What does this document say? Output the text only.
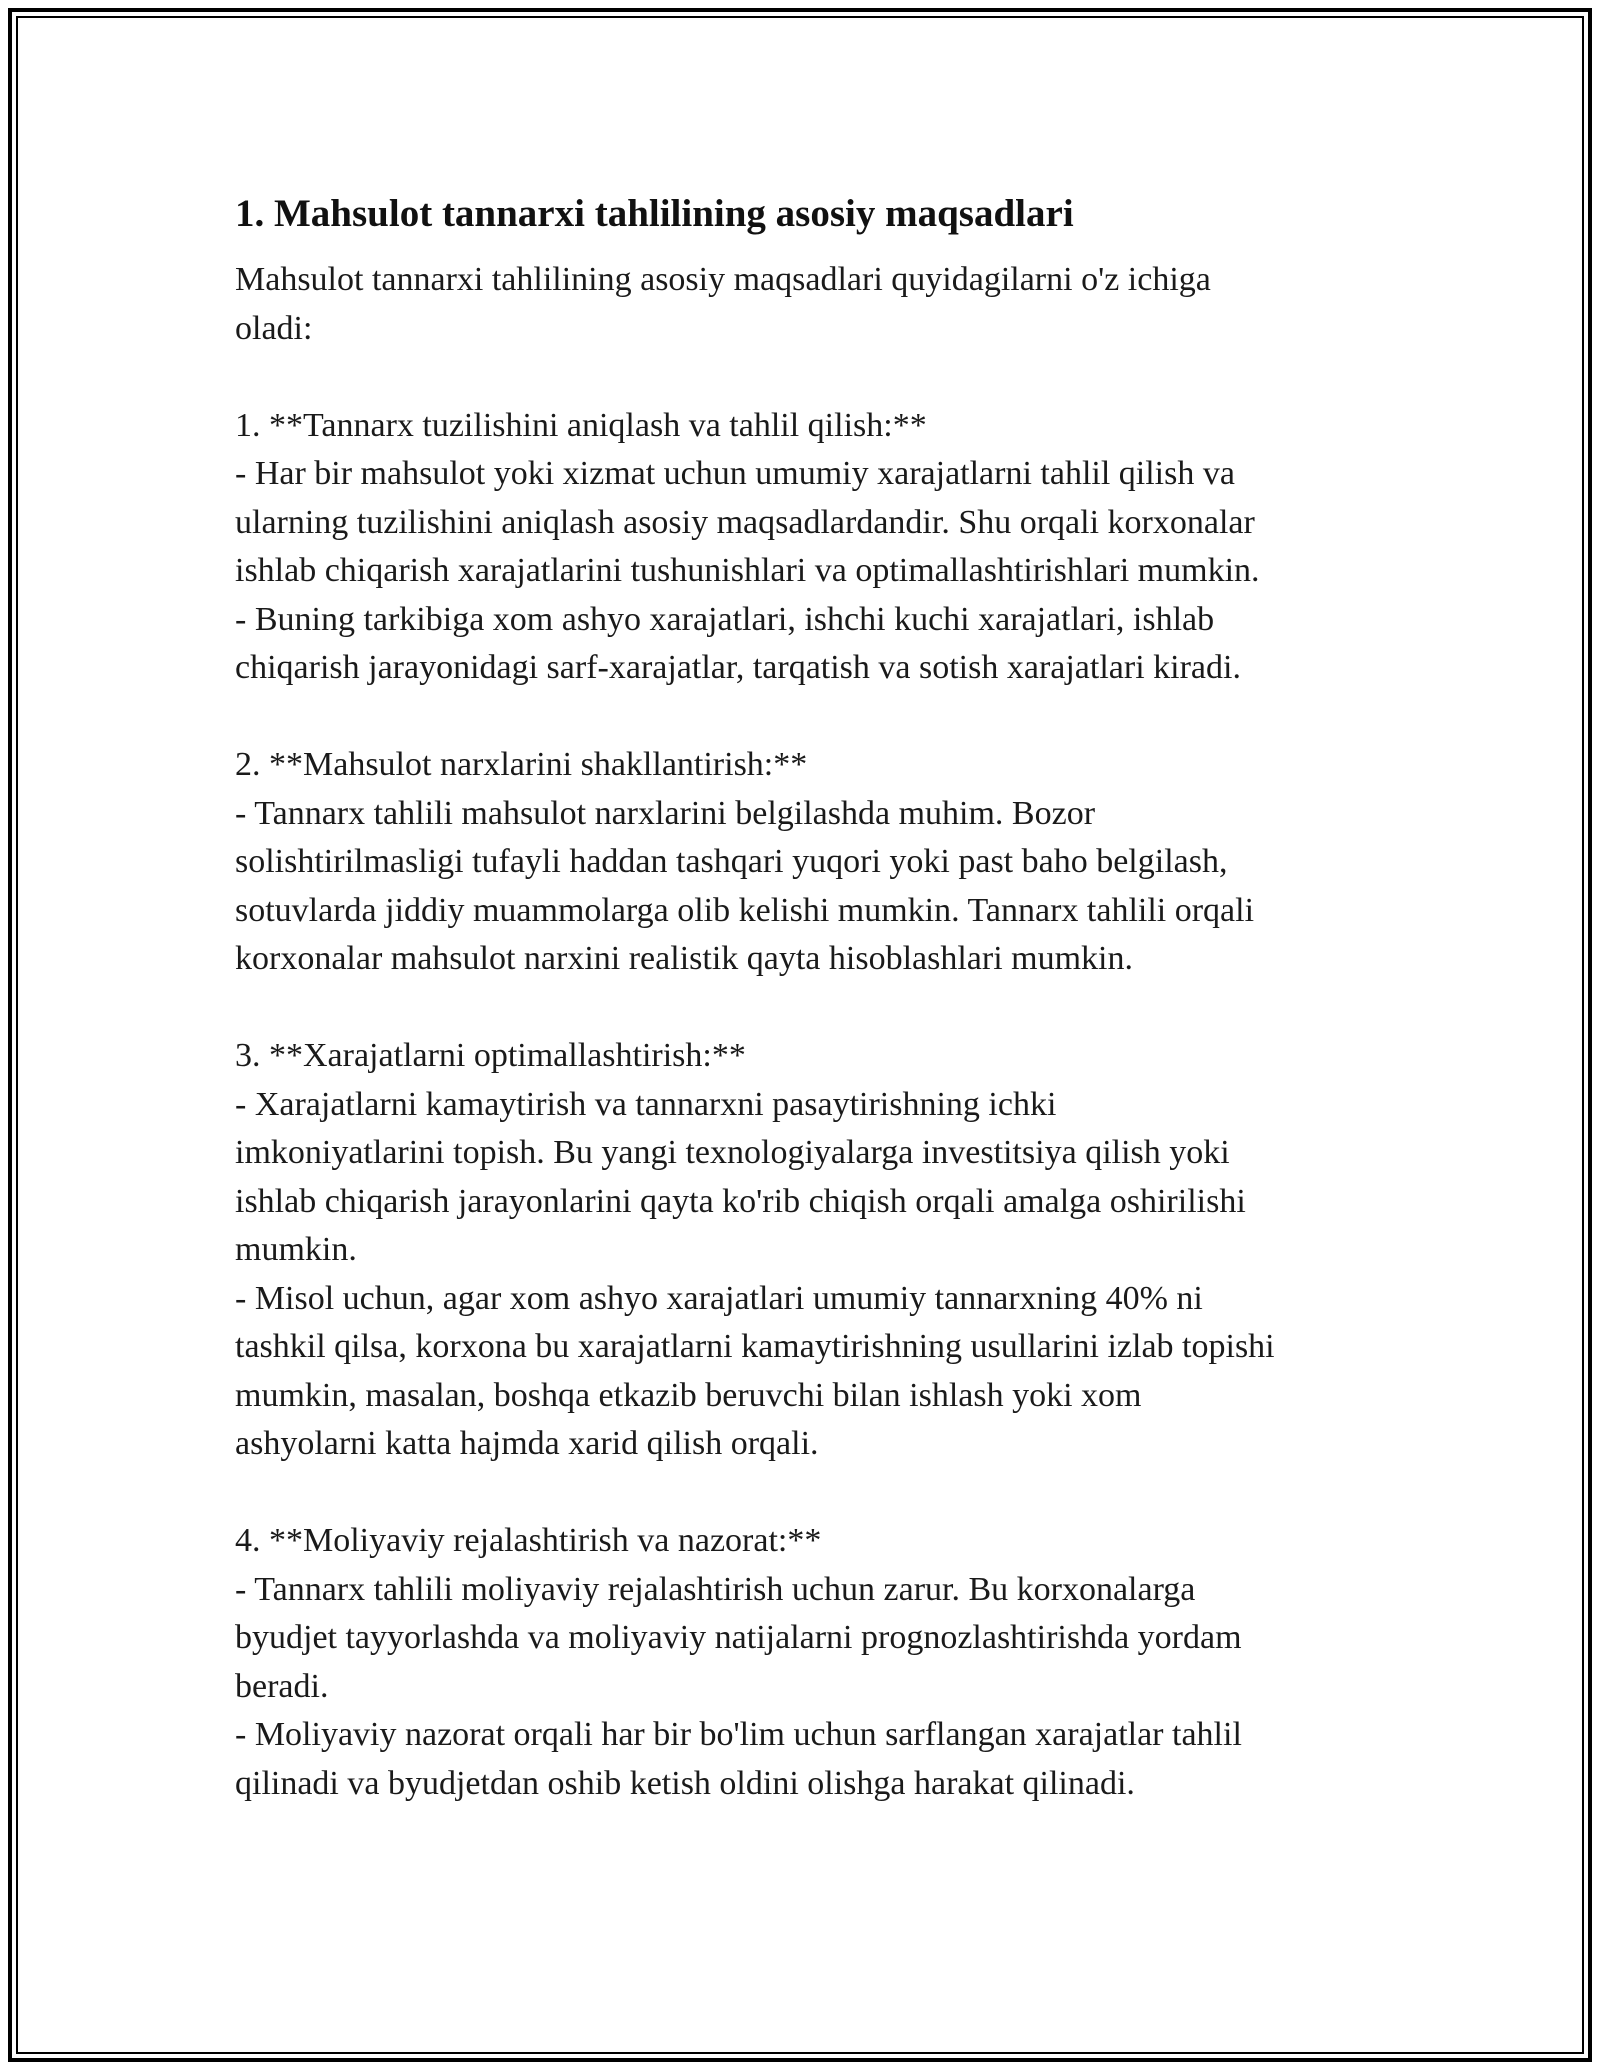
1. Mahsulot tannarxi tahlilining asosiy maqsadlari

Mahsulot tannarxi tahlilining asosiy maqsadlari quyidagilarni o'z ichiga
oladi:

1. **Tannarx tuzilishini aniqlash va tahlil qilish:**

- Har bir mahsulot yoki xizmat uchun umumiy xarajatlarni tahlil qilish va
ularning tuzilishini aniqlash asosiy maqsadlardandir. Shu orqali korxonalar
ishlab chiqarish xarajatlarini tushunishlari va optimallashtirishlari mumkin.

- Buning tarkibiga xom ashyo xarajatlari, ishchi kuchi xarajatlari, ishlab
chiqarish jarayonidagi sarf-xarajatlar, tarqatish va sotish xarajatlari kiradi.

2. **Mahsulot narxlarini shakllantirish:**

- Tannarx tahlili mahsulot narxlarini belgilashda muhim. Bozor
solishtirilmasligi tufayli haddan tashqari yuqori yoki past baho belgilash,
sotuvlarda jiddiy muammolarga olib kelishi mumkin. Tannarx tahlili orqali
korxonalar mahsulot narxini realistik qayta hisoblashlari mumkin.

3. **Xarajatlarni optimallashtirish:**

- Xarajatlarni kamaytirish va tannarxni pasaytirishning ichki
imkoniyatlarini topish. Bu yangi texnologiyalarga investitsiya qilish yoki
ishlab chiqarish jarayonlarini qayta ko'rib chiqish orqali amalga oshirilishi
mumkin.

- Misol uchun, agar xom ashyo xarajatlari umumiy tannarxning 40% ni
tashkil qilsa, korxona bu xarajatlarni kamaytirishning usullarini izlab topishi
mumkin, masalan, boshqa etkazib beruvchi bilan ishlash yoki xom
ashyolarni katta hajmda xarid qilish orqali.

4. **Moliyaviy rejalashtirish va nazorat:**

- Tannarx tahlili moliyaviy rejalashtirish uchun zarur. Bu korxonalarga
byudjet tayyorlashda va moliyaviy natijalarni prognozlashtirishda yordam
beradi.

- Moliyaviy nazorat orqali har bir bo'lim uchun sarflangan xarajatlar tahlil
qilinadi va byudjetdan oshib ketish oldini olishga harakat qilinadi.
